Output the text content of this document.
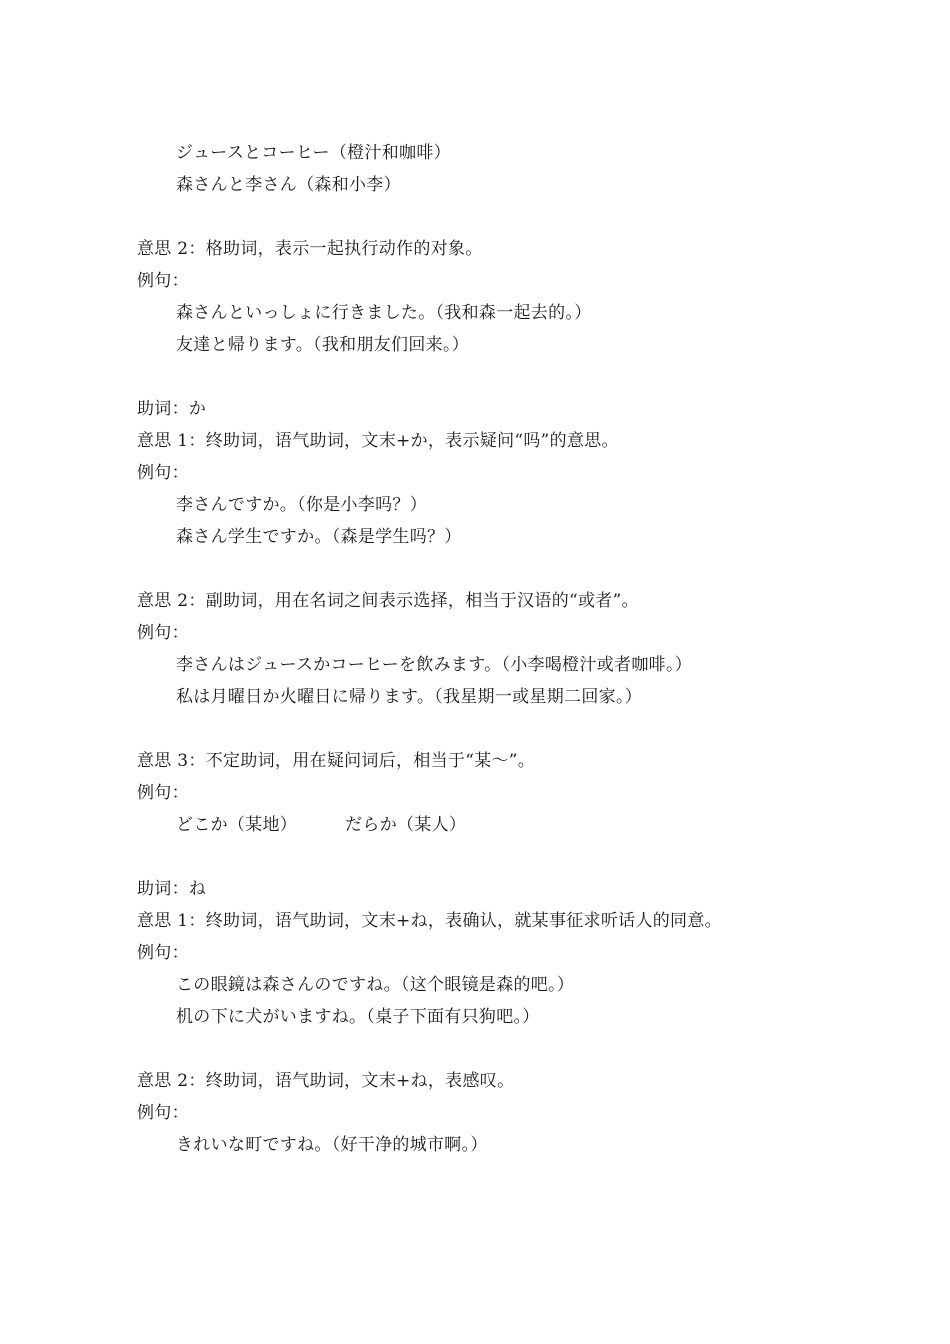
ジュースとコーヒー（橙汁和咖啡）
森さんと李さん（森和小李）
意思 2：格助词，表示一起执行动作的对象。
例句：
森さんといっしょに行きました。（我和森一起去的。）
友達と帰ります。（我和朋友们回来。）
助词：か
意思 1：终助词，语气助词，文末+か，表示疑问“吗”的意思。
例句：
李さんですか。（你是小李吗？）
森さん学生ですか。（森是学生吗？）
意思 2：副助词，用在名词之间表示选择，相当于汉语的“或者”。
例句：
李さんはジュースかコーヒーを飲みます。（小李喝橙汁或者咖啡。）
私は月曜日か火曜日に帰ります。（我星期一或星期二回家。）
意思 3：不定助词，用在疑问词后，相当于“某～”。
例句：
どこか（某地）	だらか（某人）
助词：ね
意思 1：终助词，语气助词，文末+ね，表确认，就某事征求听话人的同意。
例句：
この眼鏡は森さんのですね。（这个眼镜是森的吧。）
机の下に犬がいますね。（桌子下面有只狗吧。）
意思 2：终助词，语气助词，文末+ね，表感叹。
例句：
きれいな町ですね。（好干净的城市啊。）
